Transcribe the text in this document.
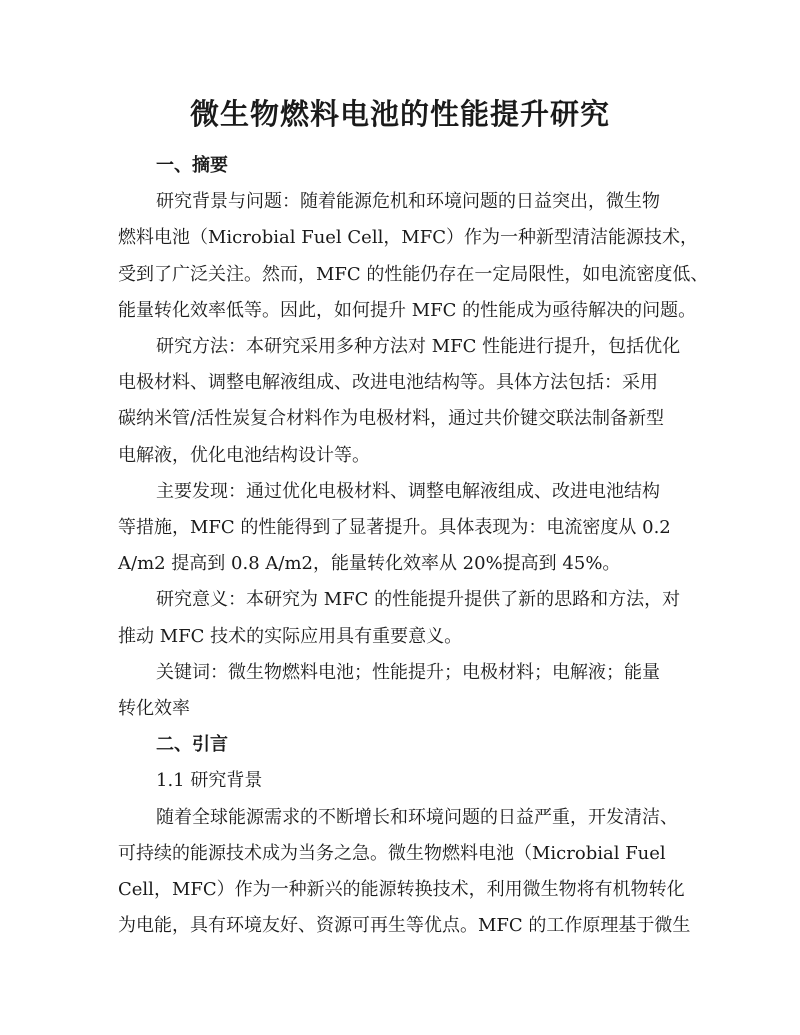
微生物燃料电池的性能提升研究
一、摘要

研究背景与问题：随着能源危机和环境问题的日益突出，微生物
燃料电池（Microbial Fuel Cell，MFC）作为一种新型清洁能源技术，
受到了广泛关注。然而，MFC 的性能仍存在一定局限性，如电流密度低、
能量转化效率低等。因此，如何提升 MFC 的性能成为亟待解决的问题。

研究方法：本研究采用多种方法对 MFC 性能进行提升，包括优化
电极材料、调整电解液组成、改进电池结构等。具体方法包括：采用
碳纳米管/活性炭复合材料作为电极材料，通过共价键交联法制备新型
电解液，优化电池结构设计等。

主要发现：通过优化电极材料、调整电解液组成、改进电池结构
等措施，MFC 的性能得到了显著提升。具体表现为：电流密度从 0.2
A/m2 提高到 0.8 A/m2，能量转化效率从 20%提高到 45%。

研究意义：本研究为 MFC 的性能提升提供了新的思路和方法，对
推动 MFC 技术的实际应用具有重要意义。

关键词：微生物燃料电池；性能提升；电极材料；电解液；能量
转化效率

二、引言
1.1 研究背景

随着全球能源需求的不断增长和环境问题的日益严重，开发清洁、
可持续的能源技术成为当务之急。微生物燃料电池（Microbial Fuel
Cell，MFC）作为一种新兴的能源转换技术，利用微生物将有机物转化
为电能，具有环境友好、资源可再生等优点。MFC 的工作原理基于微生
